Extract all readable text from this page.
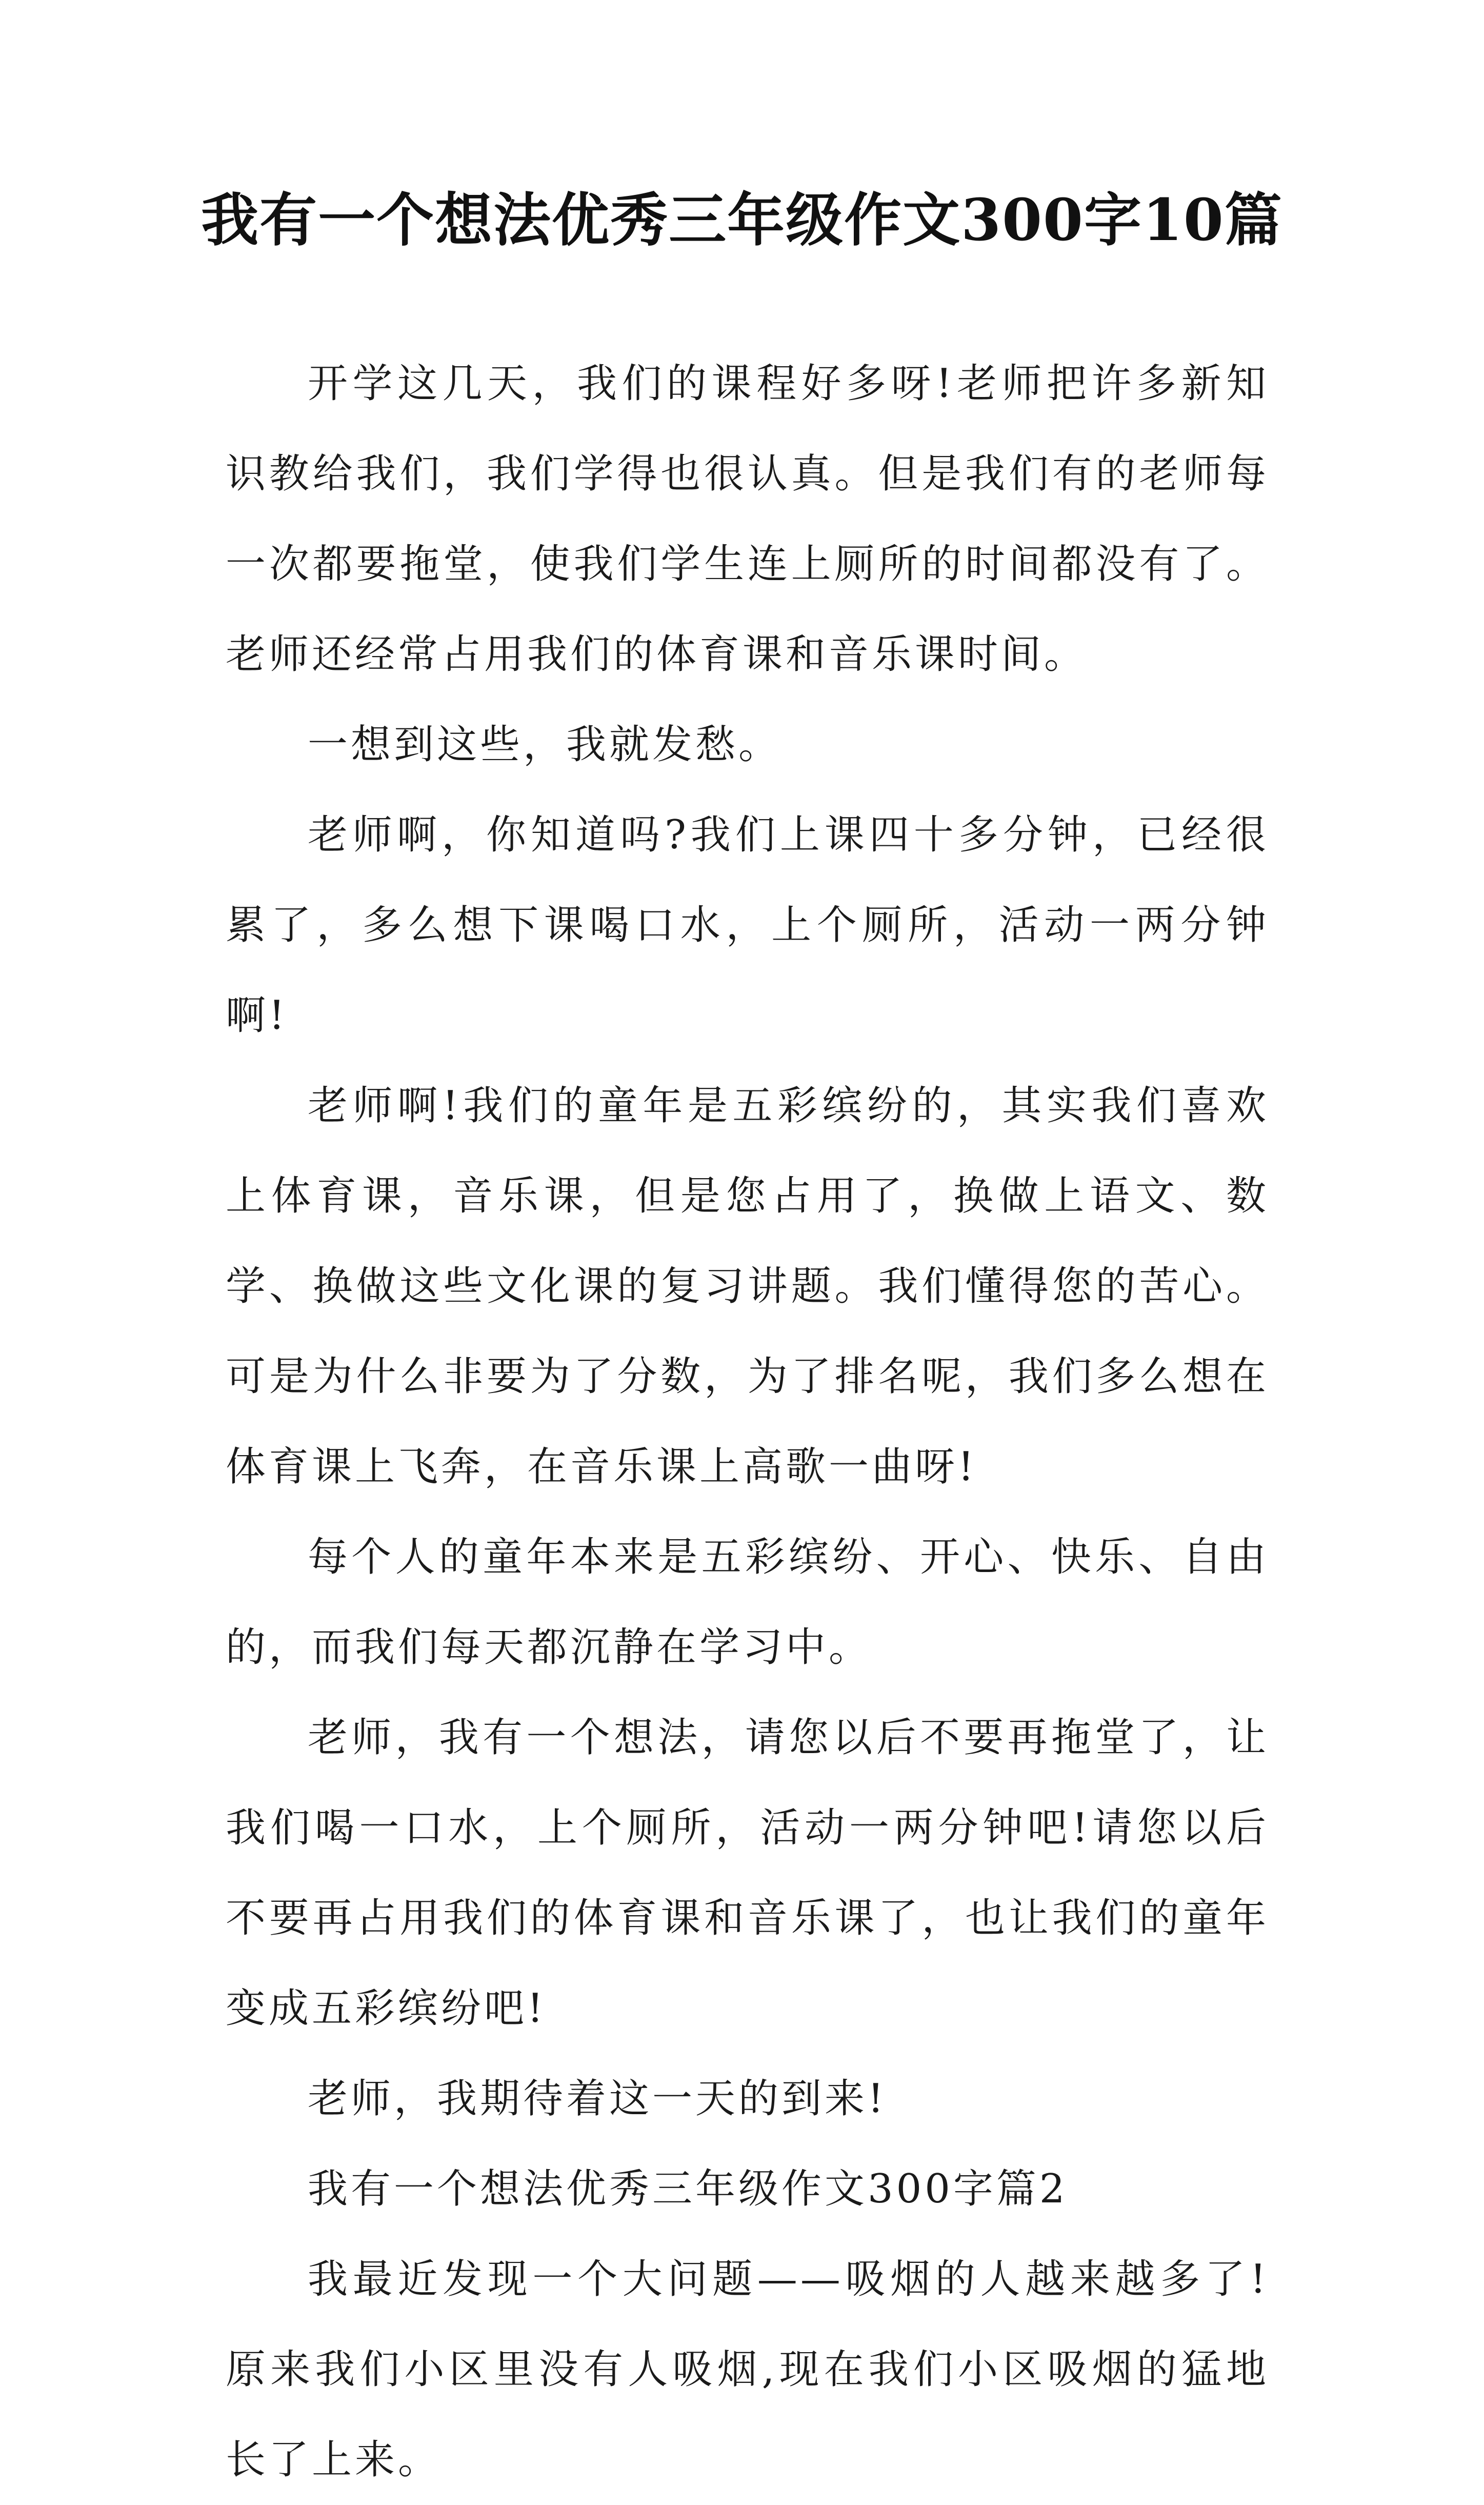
我有一个想法优秀三年级作文300字10篇

开学这几天，我们的课程好多呀!老师把许多新知识教给我们，我们学得也很认真。但是我们有的老师每一次都要拖堂，使我们学生连上厕所的时间都没有了。老师还经常占用我们的体育课和音乐课时间。

一想到这些，我就发愁。

老师啊，你知道吗?我们上课四十多分钟，已经很累了，多么想下课喝口水，上个厕所，活动一两分钟啊!

老师啊!我们的童年是五彩缤纷的，其实我们喜欢上体育课，音乐课，但是您占用了，换做上语文、数学、换做这些文化课的复习讲题。我们懂得您的苦心。可是为什么非要为了分数，为了排名呢，我们多么想在体育课上飞奔，在音乐课上高歌一曲呀!

每个人的童年本来是五彩缤纷、开心、快乐、自由的，而我们每天都沉静在学习中。

老师，我有一个想法，请您以后不要再拖堂了，让我们喝一口水，上个厕所，活动一两分钟吧!请您以后不要再占用我们的体育课和音乐课了，也让我们的童年变成五彩缤纷吧!

老师，我期待着这一天的到来!

我有一个想法优秀三年级作文300字篇2

我最近发现一个大问题——吸烟的人越来越多了!原来我们小区里没有人吸烟,现在我们小区吸烟的猛地长了上来。
